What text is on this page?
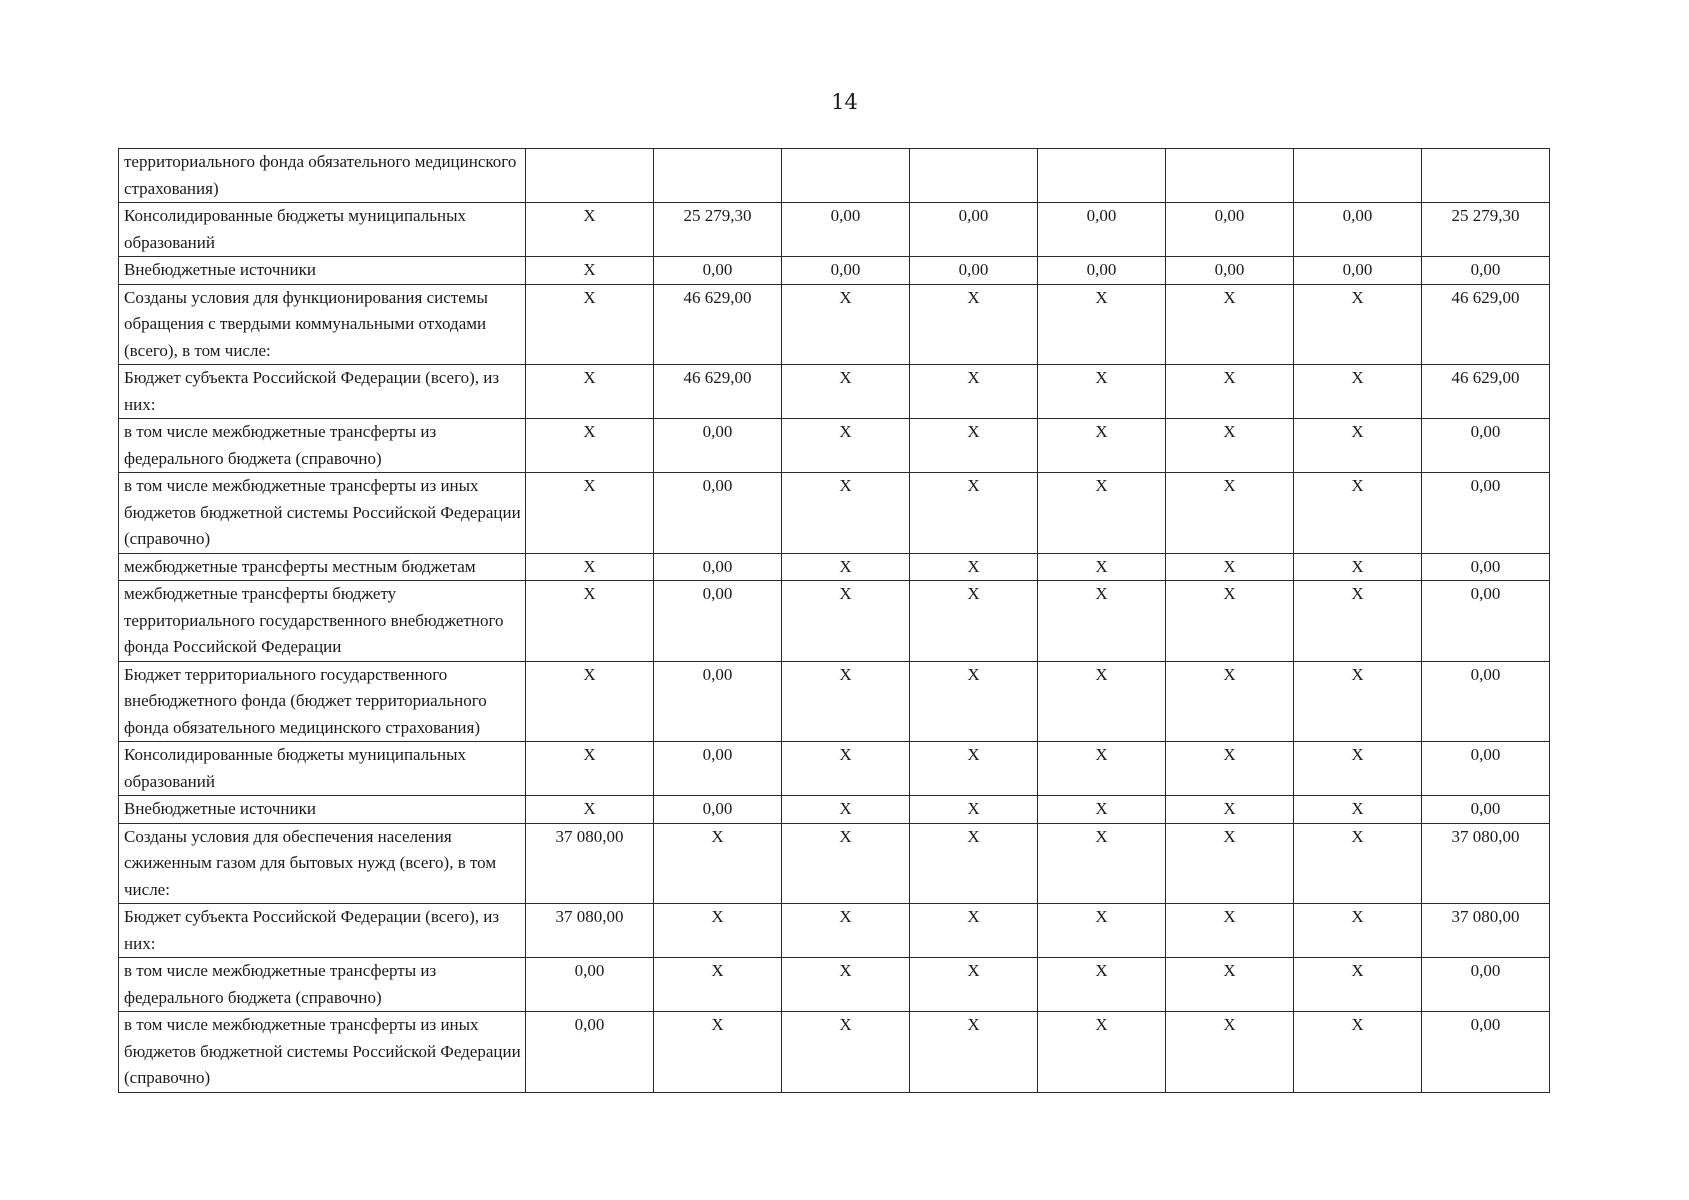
14
территориального фонда обязательного медицинского страхования)								
Консолидированные бюджеты муниципальных образований	X	25 279,30	0,00	0,00	0,00	0,00	0,00	25 279,30
Внебюджетные источники	X	0,00	0,00	0,00	0,00	0,00	0,00	0,00
Созданы условия для функционирования системы обращения с твердыми коммунальными отходами (всего), в том числе:	X	46 629,00	X	X	X	X	X	46 629,00
Бюджет субъекта Российской Федерации (всего), из них:	X	46 629,00	X	X	X	X	X	46 629,00
в том числе межбюджетные трансферты из федерального бюджета (справочно)	X	0,00	X	X	X	X	X	0,00
в том числе межбюджетные трансферты из иных бюджетов бюджетной системы Российской Федерации (справочно)	X	0,00	X	X	X	X	X	0,00
межбюджетные трансферты местным бюджетам	X	0,00	X	X	X	X	X	0,00
межбюджетные трансферты бюджету территориального государственного внебюджетного фонда Российской Федерации	X	0,00	X	X	X	X	X	0,00
Бюджет территориального государственного внебюджетного фонда (бюджет территориального фонда обязательного медицинского страхования)	X	0,00	X	X	X	X	X	0,00
Консолидированные бюджеты муниципальных образований	X	0,00	X	X	X	X	X	0,00
Внебюджетные источники	X	0,00	X	X	X	X	X	0,00
Созданы условия для обеспечения населения сжиженным газом для бытовых нужд (всего), в том числе:	37 080,00	X	X	X	X	X	X	37 080,00
Бюджет субъекта Российской Федерации (всего), из них:	37 080,00	X	X	X	X	X	X	37 080,00
в том числе межбюджетные трансферты из федерального бюджета (справочно)	0,00	X	X	X	X	X	X	0,00
в том числе межбюджетные трансферты из иных бюджетов бюджетной системы Российской Федерации (справочно)	0,00	X	X	X	X	X	X	0,00
